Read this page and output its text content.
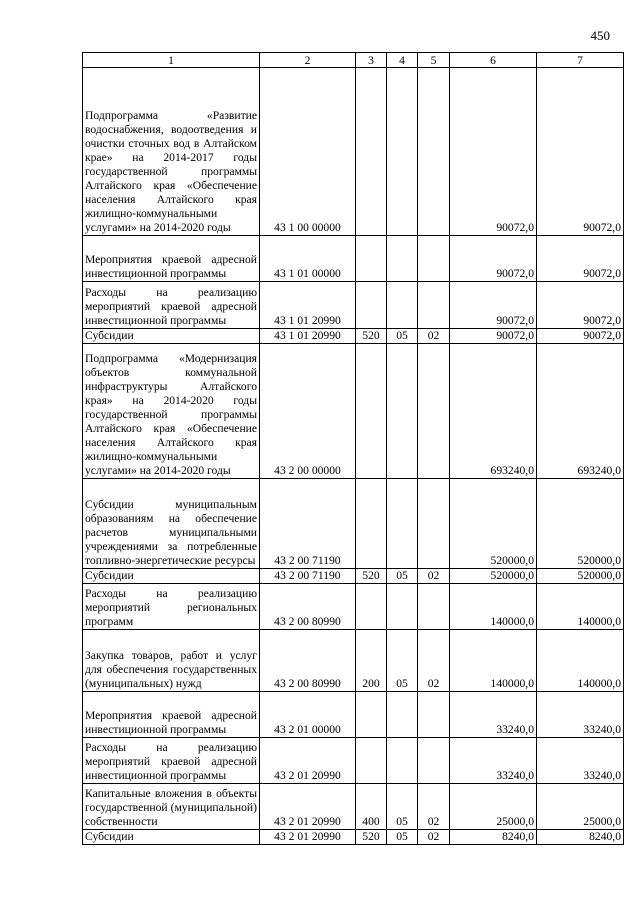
450
1	2	3	4	5	6	7
Подпрограмма «Развитие водоснабжения, водоотведения и очистки сточных вод в Алтайском крае» на 2014-2017 годы государственной программы Алтайского края «Обеспечение населения Алтайского края жилищно-коммунальными услугами» на 2014-2020 годы	43 1 00 00000				90072,0	90072,0
Мероприятия краевой адресной инвестиционной программы	43 1 01 00000				90072,0	90072,0
Расходы на реализацию мероприятий краевой адресной инвестиционной программы	43 1 01 20990				90072,0	90072,0
Субсидии	43 1 01 20990	520	05	02	90072,0	90072,0
Подпрограмма «Модернизация объектов коммунальной инфраструктуры Алтайского края» на 2014-2020 годы государственной программы Алтайского края «Обеспечение населения Алтайского края жилищно-коммунальными услугами» на 2014-2020 годы	43 2 00 00000				693240,0	693240,0
Субсидии муниципальным образованиям на обеспечение расчетов муниципальными учреждениями за потребленные топливно-энергетические ресурсы	43 2 00 71190				520000,0	520000,0
Субсидии	43 2 00 71190	520	05	02	520000,0	520000,0
Расходы на реализацию мероприятий региональных программ	43 2 00 80990				140000,0	140000,0
Закупка товаров, работ и услуг для обеспечения государственных (муниципальных) нужд	43 2 00 80990	200	05	02	140000,0	140000,0
Мероприятия краевой адресной инвестиционной программы	43 2 01 00000				33240,0	33240,0
Расходы на реализацию мероприятий краевой адресной инвестиционной программы	43 2 01 20990				33240,0	33240,0
Капитальные вложения в объекты государственной (муниципальной) собственности	43 2 01 20990	400	05	02	25000,0	25000,0
Субсидии	43 2 01 20990	520	05	02	8240,0	8240,0
